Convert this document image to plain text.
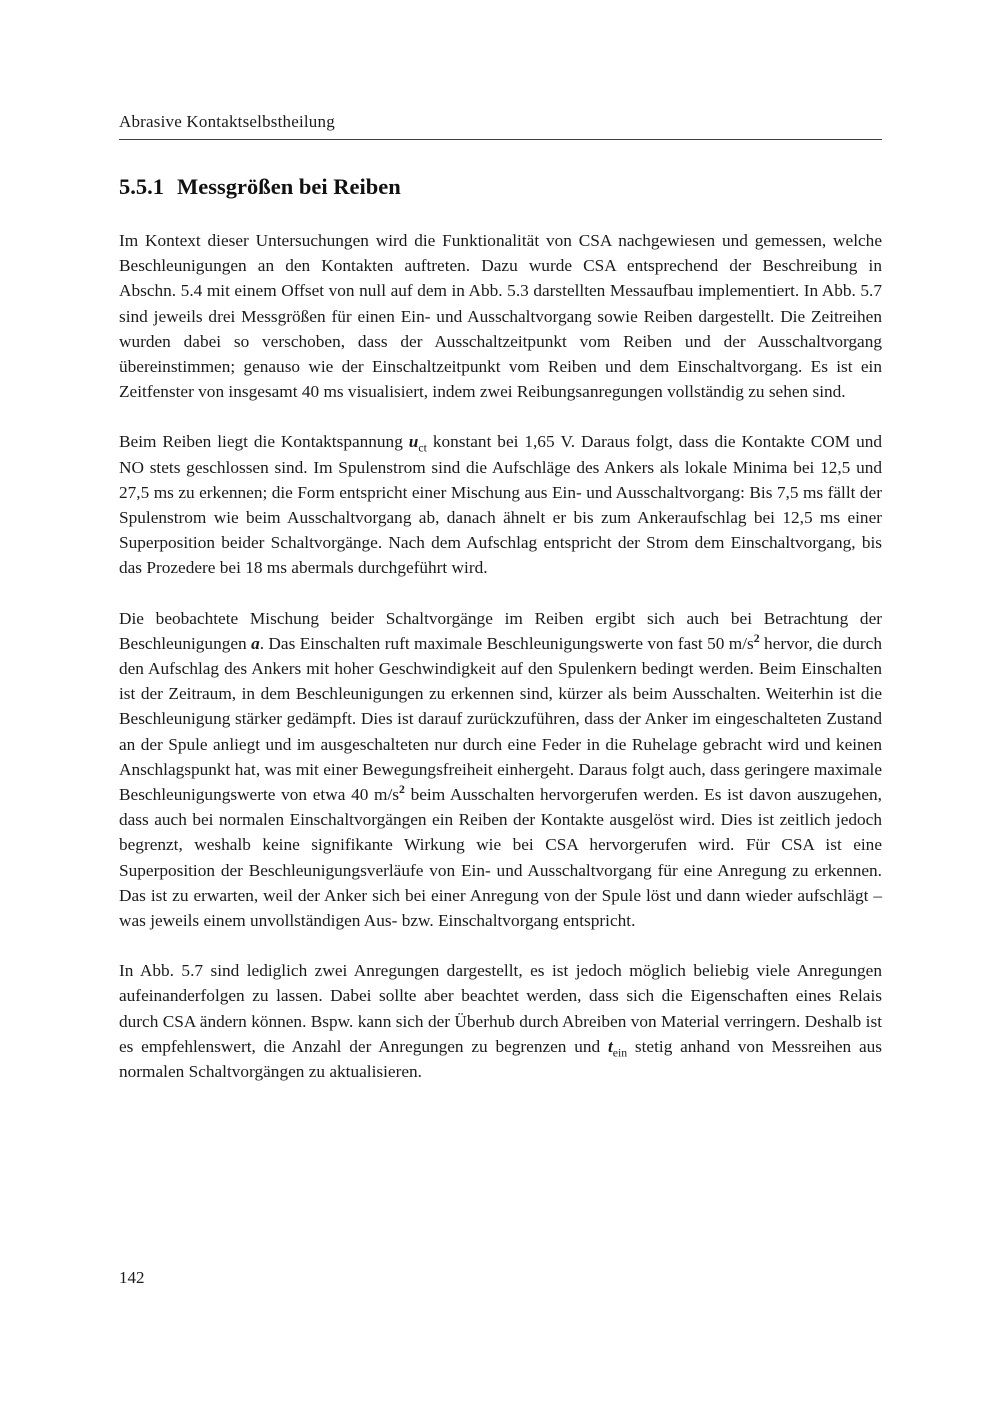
Abrasive Kontaktselbstheilung
5.5.1 Messgrößen bei Reiben

Im Kontext dieser Untersuchungen wird die Funktionalität von CSA nachgewiesen und gemessen, welche Beschleunigungen an den Kontakten auftreten. Dazu wurde CSA entsprechend der Beschreibung in Abschn. 5.4 mit einem Offset von null auf dem in Abb. 5.3 darstellten Messaufbau implementiert. In Abb. 5.7 sind jeweils drei Messgrößen für einen Ein- und Ausschaltvorgang sowie Reiben dargestellt. Die Zeitreihen wurden dabei so verschoben, dass der Ausschaltzeitpunkt vom Reiben und der Ausschaltvorgang übereinstimmen; genauso wie der Einschaltzeitpunkt vom Reiben und dem Einschaltvorgang. Es ist ein Zeitfenster von insgesamt 40 ms visualisiert, indem zwei Reibungsanregungen vollständig zu sehen sind.

Beim Reiben liegt die Kontaktspannung $u_{ct}$ konstant bei 1,65 V. Daraus folgt, dass die Kontakte COM und NO stets geschlossen sind. Im Spulenstrom sind die Aufschläge des Ankers als lokale Minima bei 12,5 und 27,5 ms zu erkennen; die Form entspricht einer Mischung aus Ein- und Ausschaltvorgang: Bis 7,5 ms fällt der Spulenstrom wie beim Ausschaltvorgang ab, danach ähnelt er bis zum Ankeraufschlag bei 12,5 ms einer Superposition beider Schaltvorgänge. Nach dem Aufschlag entspricht der Strom dem Einschaltvorgang, bis das Prozedere bei 18 ms abermals durchgeführt wird.

Die beobachtete Mischung beider Schaltvorgänge im Reiben ergibt sich auch bei Betrachtung der Beschleunigungen a. Das Einschalten ruft maximale Beschleunigungswerte von fast 50 $m/s^2$ hervor, die durch den Aufschlag des Ankers mit hoher Geschwindigkeit auf den Spulenkern bedingt werden. Beim Einschalten ist der Zeitraum, in dem Beschleunigungen zu erkennen sind, kürzer als beim Ausschalten. Weiterhin ist die Beschleunigung stärker gedämpft. Dies ist darauf zurückzuführen, dass der Anker im eingeschalteten Zustand an der Spule anliegt und im ausgeschalteten nur durch eine Feder in die Ruhelage gebracht wird und keinen Anschlagspunkt hat, was mit einer Bewegungsfreiheit einhergeht. Daraus folgt auch, dass geringere maximale Beschleunigungswerte von etwa 40 $m/s^2$ beim Ausschalten hervorgerufen werden. Es ist davon auszugehen, dass auch bei normalen Einschaltvorgängen ein Reiben der Kontakte ausgelöst wird. Dies ist zeitlich jedoch begrenzt, weshalb keine signifikante Wirkung wie bei CSA hervorgerufen wird. Für CSA ist eine Superposition der Beschleunigungsverläufe von Ein- und Ausschaltvorgang für eine Anregung zu erkennen. Das ist zu erwarten, weil der Anker sich bei einer Anregung von der Spule löst und dann wieder aufschlägt – was jeweils einem unvollständigen Aus- bzw. Einschaltvorgang entspricht.

In Abb. 5.7 sind lediglich zwei Anregungen dargestellt, es ist jedoch möglich beliebig viele Anregungen aufeinanderfolgen zu lassen. Dabei sollte aber beachtet werden, dass sich die Eigenschaften eines Relais durch CSA ändern können. Bspw. kann sich der Überhub durch Abreiben von Material verringern. Deshalb ist es empfehlenswert, die Anzahl der Anregungen zu begrenzen und $t_{ein}$ stetig anhand von Messreihen aus normalen Schaltvorgängen zu aktualisieren.

142
